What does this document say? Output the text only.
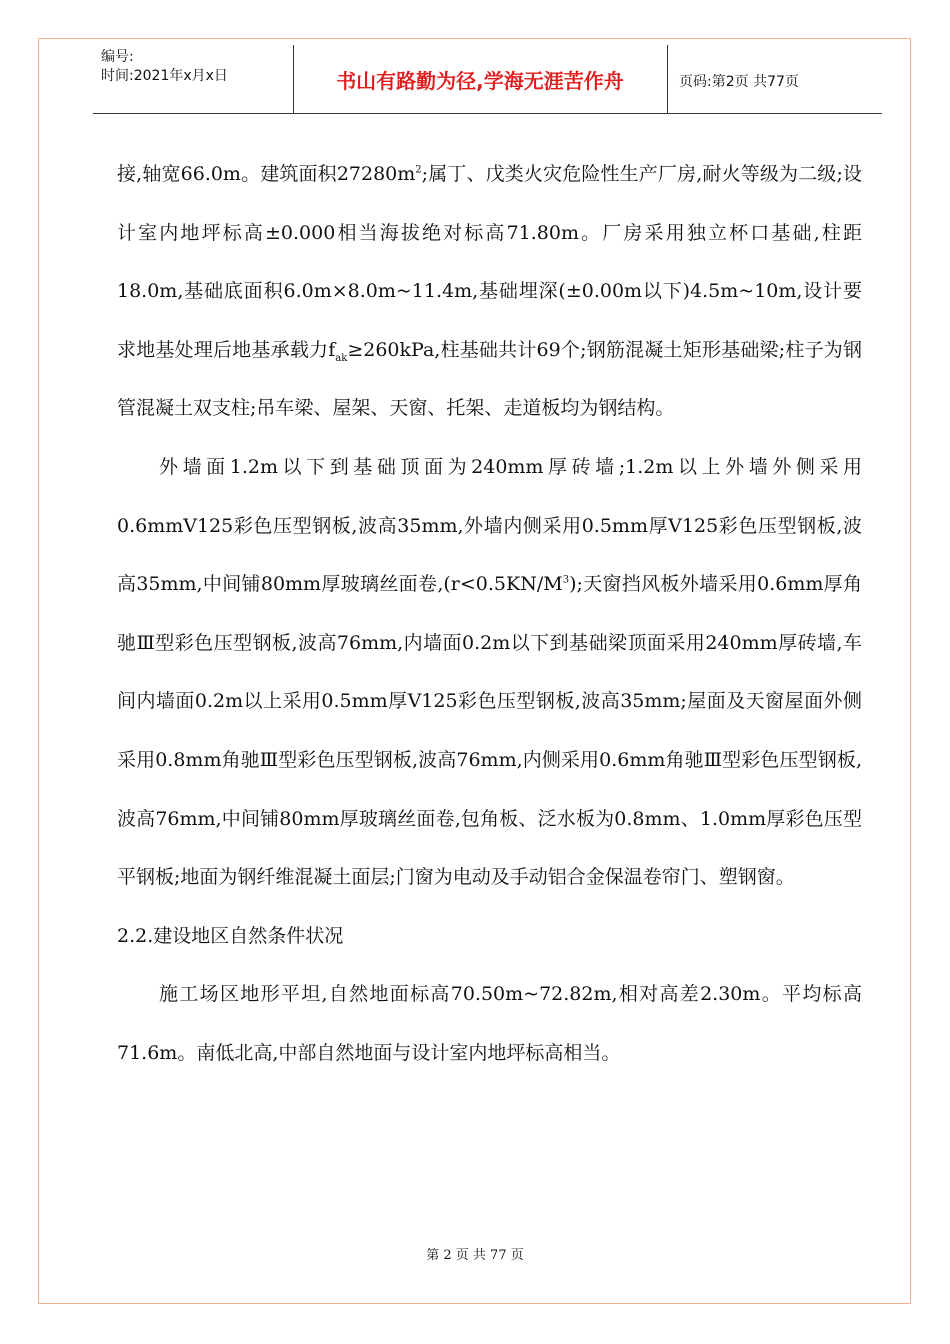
编号:
时间:2021年x月x日	书山有路勤为径,学海无涯苦作舟	页码:第2页 共77页

接,轴宽66.0m。建筑面积$27280m^2$;属丁、戊类火灾危险性生产厂房,耐火等级为二级;设计室内地坪标高±0.000相当海拔绝对标高71.80m。厂房采用独立杯口基础,柱距18.0m,基础底面积6.0m×8.0m~11.4m,基础埋深(±0.00m以下)4.5m~10m,设计要求地基处理后地基承载力$f_{ak}\ge 260kPa$,柱基础共计69个;钢筋混凝土矩形基础梁;柱子为钢管混凝土双支柱;吊车梁、屋架、天窗、托架、走道板均为钢结构。

外墙面1.2m以下到基础顶面为240mm厚砖墙;1.2m以上外墙外侧采用0.6mmV125彩色压型钢板,波高35mm,外墙内侧采用0.5mm厚V125彩色压型钢板,波高35mm,中间铺80mm厚玻璃丝面卷$,(r<0.5KN/M^3)$;天窗挡风板外墙采用0.6mm厚角驰Ⅲ型彩色压型钢板,波高76mm,内墙面0.2m以下到基础梁顶面采用240mm厚砖墙,车间内墙面0.2m以上采用0.5mm厚V125彩色压型钢板,波高35mm;屋面及天窗屋面外侧采用0.8mm角驰Ⅲ型彩色压型钢板,波高76mm,内侧采用0.6mm角驰Ⅲ型彩色压型钢板,波高76mm,中间铺80mm厚玻璃丝面卷,包角板、泛水板为0.8mm、1.0mm厚彩色压型平钢板;地面为钢纤维混凝土面层;门窗为电动及手动铝合金保温卷帘门、塑钢窗。

2.2.建设地区自然条件状况

施工场区地形平坦,自然地面标高70.50m~72.82m,相对高差2.30m。平均标高71.6m。南低北高,中部自然地面与设计室内地坪标高相当。

第 2 页 共 77 页
